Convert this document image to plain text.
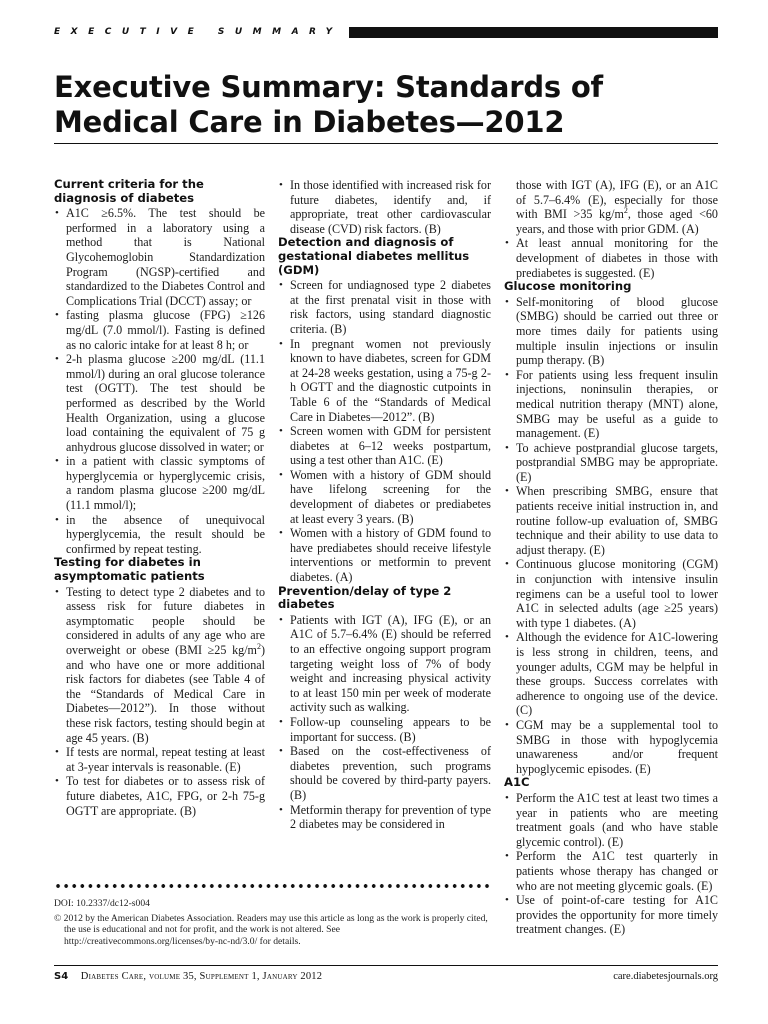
EXECUTIVE SUMMARY
Executive Summary: Standards of
Medical Care in Diabetes—2012
Current criteria for the diagnosis of diabetes
• A1C ≥6.5%. The test should be performed in a laboratory using a method that is National Glycohemoglobin Standardization Program (NGSP)-certified and standardized to the Diabetes Control and Complications Trial (DCCT) assay; or
• fasting plasma glucose (FPG) ≥126 mg/dL (7.0 mmol/l). Fasting is defined as no caloric intake for at least 8 h; or
• 2-h plasma glucose ≥200 mg/dL (11.1 mmol/l) during an oral glucose tolerance test (OGTT). The test should be performed as described by the World Health Organization, using a glucose load containing the equivalent of 75 g anhydrous glucose dissolved in water; or
• in a patient with classic symptoms of hyperglycemia or hyperglycemic crisis, a random plasma glucose ≥200 mg/dL (11.1 mmol/l);
• in the absence of unequivocal hyperglycemia, the result should be confirmed by repeat testing.
Testing for diabetes in asymptomatic patients
• Testing to detect type 2 diabetes and to assess risk for future diabetes in asymptomatic people should be considered in adults of any age who are overweight or obese (BMI ≥25 $kg/m^2$) and who have one or more additional risk factors for diabetes (see Table 4 of the “Standards of Medical Care in Diabetes—2012”). In those without these risk factors, testing should begin at age 45 years. (B)
• If tests are normal, repeat testing at least at 3-year intervals is reasonable. (E)
• To test for diabetes or to assess risk of future diabetes, A1C, FPG, or 2-h 75-g OGTT are appropriate. (B)
• In those identified with increased risk for future diabetes, identify and, if appropriate, treat other cardiovascular disease (CVD) risk factors. (B)
Detection and diagnosis of gestational diabetes mellitus (GDM)
• Screen for undiagnosed type 2 diabetes at the first prenatal visit in those with risk factors, using standard diagnostic criteria. (B)
• In pregnant women not previously known to have diabetes, screen for GDM at 24-28 weeks gestation, using a 75-g 2-h OGTT and the diagnostic cutpoints in Table 6 of the “Standards of Medical Care in Diabetes—2012”. (B)
• Screen women with GDM for persistent diabetes at 6–12 weeks postpartum, using a test other than A1C. (E)
• Women with a history of GDM should have lifelong screening for the development of diabetes or prediabetes at least every 3 years. (B)
• Women with a history of GDM found to have prediabetes should receive lifestyle interventions or metformin to prevent diabetes. (A)
Prevention/delay of type 2 diabetes
• Patients with IGT (A), IFG (E), or an A1C of 5.7–6.4% (E) should be referred to an effective ongoing support program targeting weight loss of 7% of body weight and increasing physical activity to at least 150 min per week of moderate activity such as walking.
• Follow-up counseling appears to be important for success. (B)
• Based on the cost-effectiveness of diabetes prevention, such programs should be covered by third-party payers. (B)
• Metformin therapy for prevention of type 2 diabetes may be considered in
those with IGT (A), IFG (E), or an A1C of 5.7–6.4% (E), especially for those with BMI >35 $kg/m^2$, those aged <60 years, and those with prior GDM. (A)
• At least annual monitoring for the development of diabetes in those with prediabetes is suggested. (E)
Glucose monitoring
• Self-monitoring of blood glucose (SMBG) should be carried out three or more times daily for patients using multiple insulin injections or insulin pump therapy. (B)
• For patients using less frequent insulin injections, noninsulin therapies, or medical nutrition therapy (MNT) alone, SMBG may be useful as a guide to management. (E)
• To achieve postprandial glucose targets, postprandial SMBG may be appropriate. (E)
• When prescribing SMBG, ensure that patients receive initial instruction in, and routine follow-up evaluation of, SMBG technique and their ability to use data to adjust therapy. (E)
• Continuous glucose monitoring (CGM) in conjunction with intensive insulin regimens can be a useful tool to lower A1C in selected adults (age ≥25 years) with type 1 diabetes. (A)
• Although the evidence for A1C-lowering is less strong in children, teens, and younger adults, CGM may be helpful in these groups. Success correlates with adherence to ongoing use of the device. (C)
• CGM may be a supplemental tool to SMBG in those with hypoglycemia unawareness and/or frequent hypoglycemic episodes. (E)
A1C
• Perform the A1C test at least two times a year in patients who are meeting treatment goals (and who have stable glycemic control). (E)
• Perform the A1C test quarterly in patients whose therapy has changed or who are not meeting glycemic goals. (E)
• Use of point-of-care testing for A1C provides the opportunity for more timely treatment changes. (E)

DOI: 10.2337/dc12-s004

© 2012 by the American Diabetes Association. Readers may use this article as long as the work is properly cited, the use is educational and not for profit, and the work is not altered. See http://creativecommons.org/licenses/by-nc-nd/3.0/ for details.

S4 Diabetes Care, volume 35, Supplement 1, January 2012	care.diabetesjournals.org
